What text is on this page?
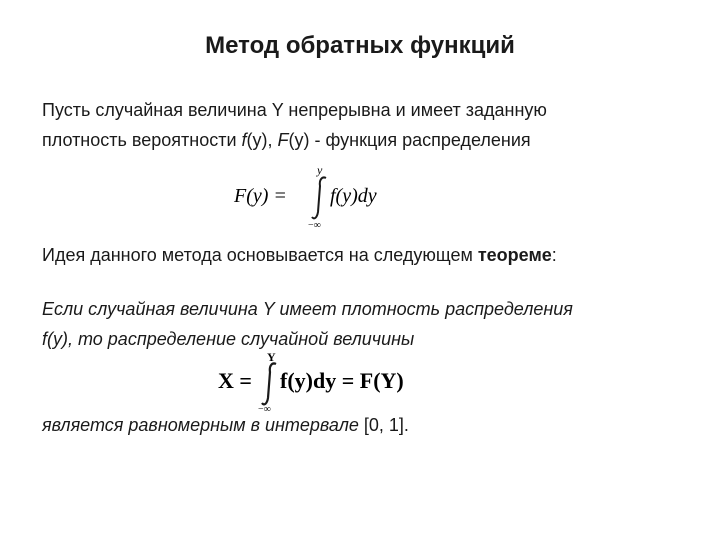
Метод обратных функций
Пусть случайная величина Y непрерывна и имеет заданную
плотность вероятности f(y), F(y) - функция распределения
F(y) =
y
−∞
f(y)dy
Идея данного метода основывается на следующем теореме:
Если случайная величина Y имеет плотность распределения
f(y), то распределение случайной величины
X =
Y
−∞
f(y)dy = F(Y)
является равномерным в интервале [0, 1].
